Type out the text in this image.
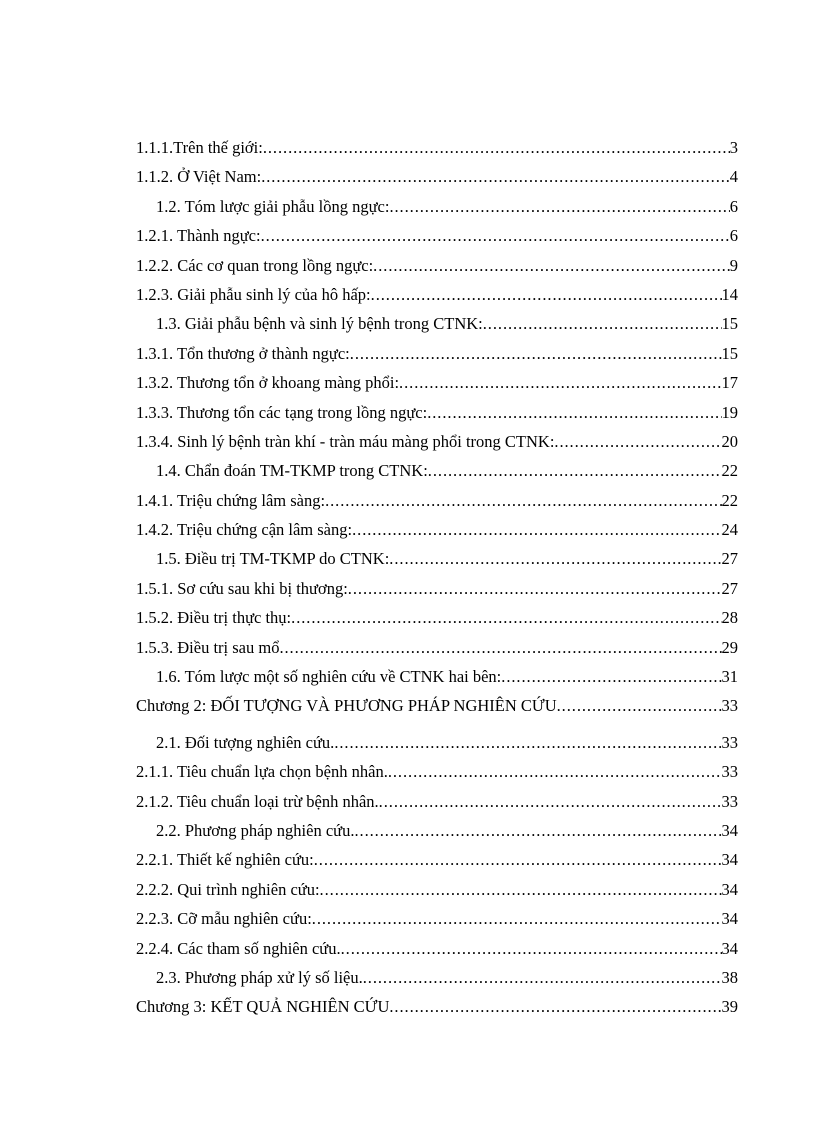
1.1.1.Trên thế giới: . . .	3
1.1.2. Ở Việt Nam: . . .	4
1.2. Tóm lược giải phẫu lồng ngực: . . .	6
1.2.1. Thành ngực: . . .	6
1.2.2. Các cơ quan trong lồng ngực: . . .	9
1.2.3. Giải phẫu sinh lý của hô hấp: . . .	14
1.3. Giải phẫu bệnh và sinh lý bệnh trong CTNK: . . .	15
1.3.1. Tổn thương ở thành ngực: . . .	15
1.3.2. Thương tổn ở khoang màng phổi: . . .	17
1.3.3. Thương tổn các tạng trong lồng ngực: . . .	19
1.3.4. Sinh lý bệnh tràn khí - tràn máu màng phổi trong CTNK: . . .	20
1.4. Chẩn đoán TM-TKMP trong CTNK: . . .	22
1.4.1. Triệu chứng lâm sàng: . . .	22
1.4.2. Triệu chứng cận lâm sàng: . . .	24
1.5. Điều trị TM-TKMP do CTNK: . . .	27
1.5.1. Sơ cứu sau khi bị thương: . . .	27
1.5.2. Điều trị thực thụ: . . .	28
1.5.3. Điều trị sau mổ . . .	29
1.6. Tóm lược một số nghiên cứu về CTNK hai bên: . . .	31
Chương 2: ĐỐI TƯỢNG VÀ PHƯƠNG PHÁP NGHIÊN CỨU . . .	33
2.1. Đối tượng nghiên cứu. . . .	33
2.1.1. Tiêu chuẩn lựa chọn bệnh nhân. . . .	33
2.1.2. Tiêu chuẩn loại trừ bệnh nhân. . . .	33
2.2. Phương pháp nghiên cứu. . . .	34
2.2.1. Thiết kế nghiên cứu: . . .	34
2.2.2. Qui trình nghiên cứu: . . .	34
2.2.3. Cỡ mẫu nghiên cứu: . . .	34
2.2.4. Các tham số nghiên cứu. . . .	34
2.3. Phương pháp xử lý số liệu. . . .	38
Chương 3: KẾT QUẢ NGHIÊN CỨU . . .	39
